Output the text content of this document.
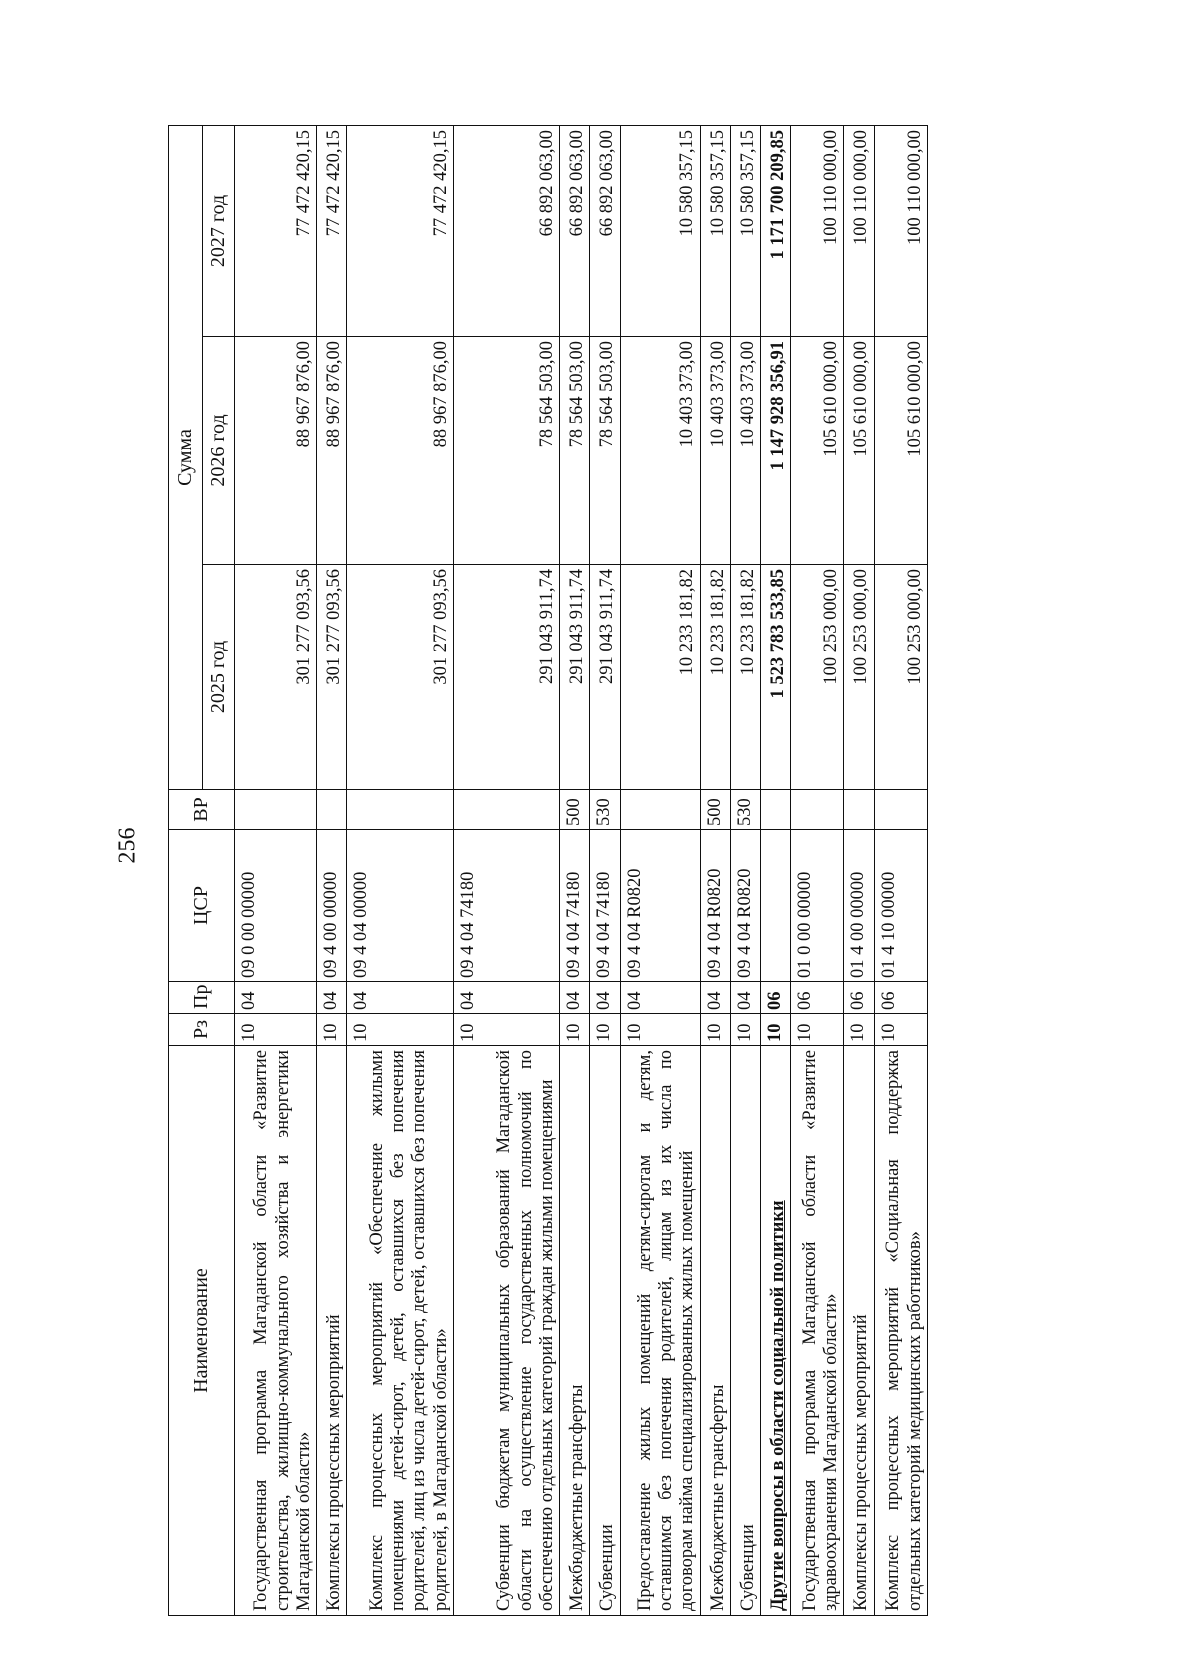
256
Наименование	Рз	Пр	ЦСР	ВР	Сумма		
					2025 год	2026 год	2027 год
Государственная программа Магаданской области «Развитие строительства, жилищно-коммунального хозяйства и энергетики Магаданской области»	10	04	09 0 00 00000		301 277 093,56	88 967 876,00	77 472 420,15
Комплексы процессных мероприятий	10	04	09 4 00 00000		301 277 093,56	88 967 876,00	77 472 420,15
Комплекс процессных мероприятий «Обеспечение жилыми помещениями детей-сирот, детей, оставшихся без попечения родителей, лиц из числа детей-сирот, детей, оставшихся без попечения родителей, в Магаданской области»	10	04	09 4 04 00000		301 277 093,56	88 967 876,00	77 472 420,15
Субвенции бюджетам муниципальных образований Магаданской области на осуществление государственных полномочий по обеспечению отдельных категорий граждан жилыми помещениями	10	04	09 4 04 74180		291 043 911,74	78 564 503,00	66 892 063,00
Межбюджетные трансферты	10	04	09 4 04 74180	500	291 043 911,74	78 564 503,00	66 892 063,00
Субвенции	10	04	09 4 04 74180	530	291 043 911,74	78 564 503,00	66 892 063,00
Предоставление жилых помещений детям-сиротам и детям, оставшимся без попечения родителей, лицам из их числа по договорам найма специализированных жилых помещений	10	04	09 4 04 R0820		10 233 181,82	10 403 373,00	10 580 357,15
Межбюджетные трансферты	10	04	09 4 04 R0820	500	10 233 181,82	10 403 373,00	10 580 357,15
Субвенции	10	04	09 4 04 R0820	530	10 233 181,82	10 403 373,00	10 580 357,15
Другие вопросы в области социальной политики	10	06			1 523 783 533,85	1 147 928 356,91	1 171 700 209,85
Государственная программа Магаданской области «Развитие здравоохранения Магаданской области»	10	06	01 0 00 00000		100 253 000,00	105 610 000,00	100 110 000,00
Комплексы процессных мероприятий	10	06	01 4 00 00000		100 253 000,00	105 610 000,00	100 110 000,00
Комплекс процессных мероприятий «Социальная поддержка отдельных категорий медицинских работников»	10	06	01 4 10 00000		100 253 000,00	105 610 000,00	100 110 000,00
